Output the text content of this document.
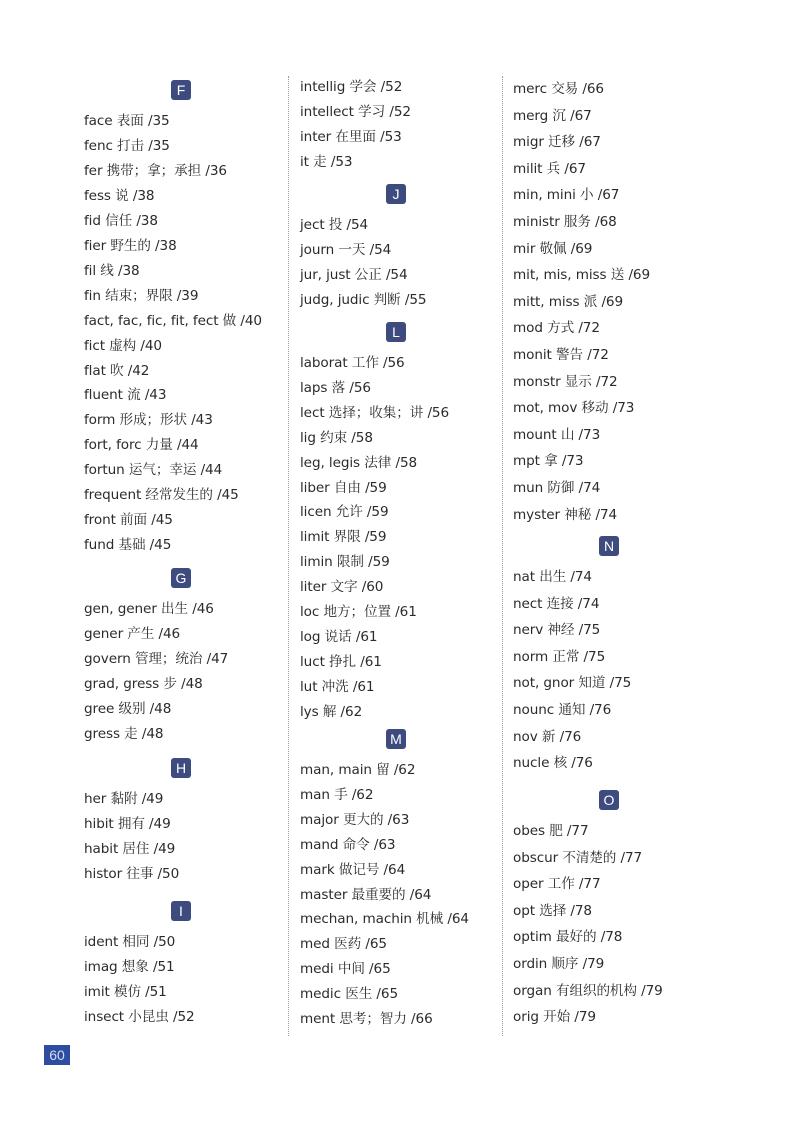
F
face 表面 /35
fenc 打击 /35
fer 携带；拿；承担 /36
fess 说 /38
fid 信任 /38
fier 野生的 /38
fil 线 /38
fin 结束；界限 /39
fact, fac, fic, fit, fect 做 /40
fict 虚构 /40
flat 吹 /42
fluent 流 /43
form 形成；形状 /43
fort, forc 力量 /44
fortun 运气；幸运 /44
frequent 经常发生的 /45
front 前面 /45
fund 基础 /45
G
gen, gener 出生 /46
gener 产生 /46
govern 管理；统治 /47
grad, gress 步 /48
gree 级别 /48
gress 走 /48
H
her 黏附 /49
hibit 拥有 /49
habit 居住 /49
histor 往事 /50
I
ident 相同 /50
imag 想象 /51
imit 模仿 /51
insect 小昆虫 /52
intellig 学会 /52
intellect 学习 /52
inter 在里面 /53
it 走 /53
J
ject 投 /54
journ 一天 /54
jur, just 公正 /54
judg, judic 判断 /55
L
laborat 工作 /56
laps 落 /56
lect 选择；收集；讲 /56
lig 约束 /58
leg, legis 法律 /58
liber 自由 /59
licen 允许 /59
limit 界限 /59
limin 限制 /59
liter 文字 /60
loc 地方；位置 /61
log 说话 /61
luct 挣扎 /61
lut 冲洗 /61
lys 解 /62
M
man, main 留 /62
man 手 /62
major 更大的 /63
mand 命令 /63
mark 做记号 /64
master 最重要的 /64
mechan, machin 机械 /64
med 医药 /65
medi 中间 /65
medic 医生 /65
ment 思考；智力 /66
merc 交易 /66
merg 沉 /67
migr 迁移 /67
milit 兵 /67
min, mini 小 /67
ministr 服务 /68
mir 敬佩 /69
mit, mis, miss 送 /69
mitt, miss 派 /69
mod 方式 /72
monit 警告 /72
monstr 显示 /72
mot, mov 移动 /73
mount 山 /73
mpt 拿 /73
mun 防御 /74
myster 神秘 /74
N
nat 出生 /74
nect 连接 /74
nerv 神经 /75
norm 正常 /75
not, gnor 知道 /75
nounc 通知 /76
nov 新 /76
nucle 核 /76
O
obes 肥 /77
obscur 不清楚的 /77
oper 工作 /77
opt 选择 /78
optim 最好的 /78
ordin 顺序 /79
organ 有组织的机构 /79
orig 开始 /79
60
